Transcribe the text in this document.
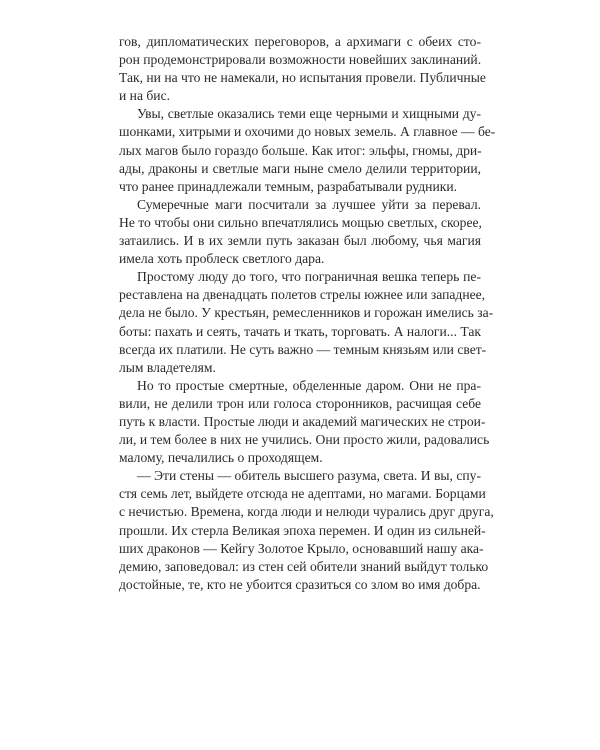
гов, дипломатических переговоров, а архимаги с обеих сто-
рон продемонстрировали возможности новейших заклинаний.
Так, ни на что не намекали, но испытания провели. Публичные
и на бис.
Увы, светлые оказались теми еще черными и хищными ду-
шонками, хитрыми и охочими до новых земель. А главное — бе-
лых магов было гораздо больше. Как итог: эльфы, гномы, дри-
ады, драконы и светлые маги ныне смело делили территории,
что ранее принадлежали темным, разрабатывали рудники.
Сумеречные маги посчитали за лучшее уйти за перевал.
Не то чтобы они сильно впечатлялись мощью светлых, скорее,
затаились. И в их земли путь заказан был любому, чья магия
имела хоть проблеск светлого дара.
Простому люду до того, что пограничная вешка теперь пе-
реставлена на двенадцать полетов стрелы южнее или западнее,
дела не было. У крестьян, ремесленников и горожан имелись за-
боты: пахать и сеять, тачать и ткать, торговать. А налоги... Так
всегда их платили. Не суть важно — темным князьям или свет-
лым владетелям.
Но то простые смертные, обделенные даром. Они не пра-
вили, не делили трон или голоса сторонников, расчищая себе
путь к власти. Простые люди и академий магических не строи-
ли, и тем более в них не учились. Они просто жили, радовались
малому, печалились о проходящем.
— Эти стены — обитель высшего разума, света. И вы, спу-
стя семь лет, выйдете отсюда не адептами, но магами. Борцами
с нечистью. Времена, когда люди и нелюди чурались друг друга,
прошли. Их стерла Великая эпоха перемен. И один из сильней-
ших драконов — Кейгу Золотое Крыло, основавший нашу ака-
демию, заповедовал: из стен сей обители знаний выйдут только
достойные, те, кто не убоится сразиться со злом во имя добра.
